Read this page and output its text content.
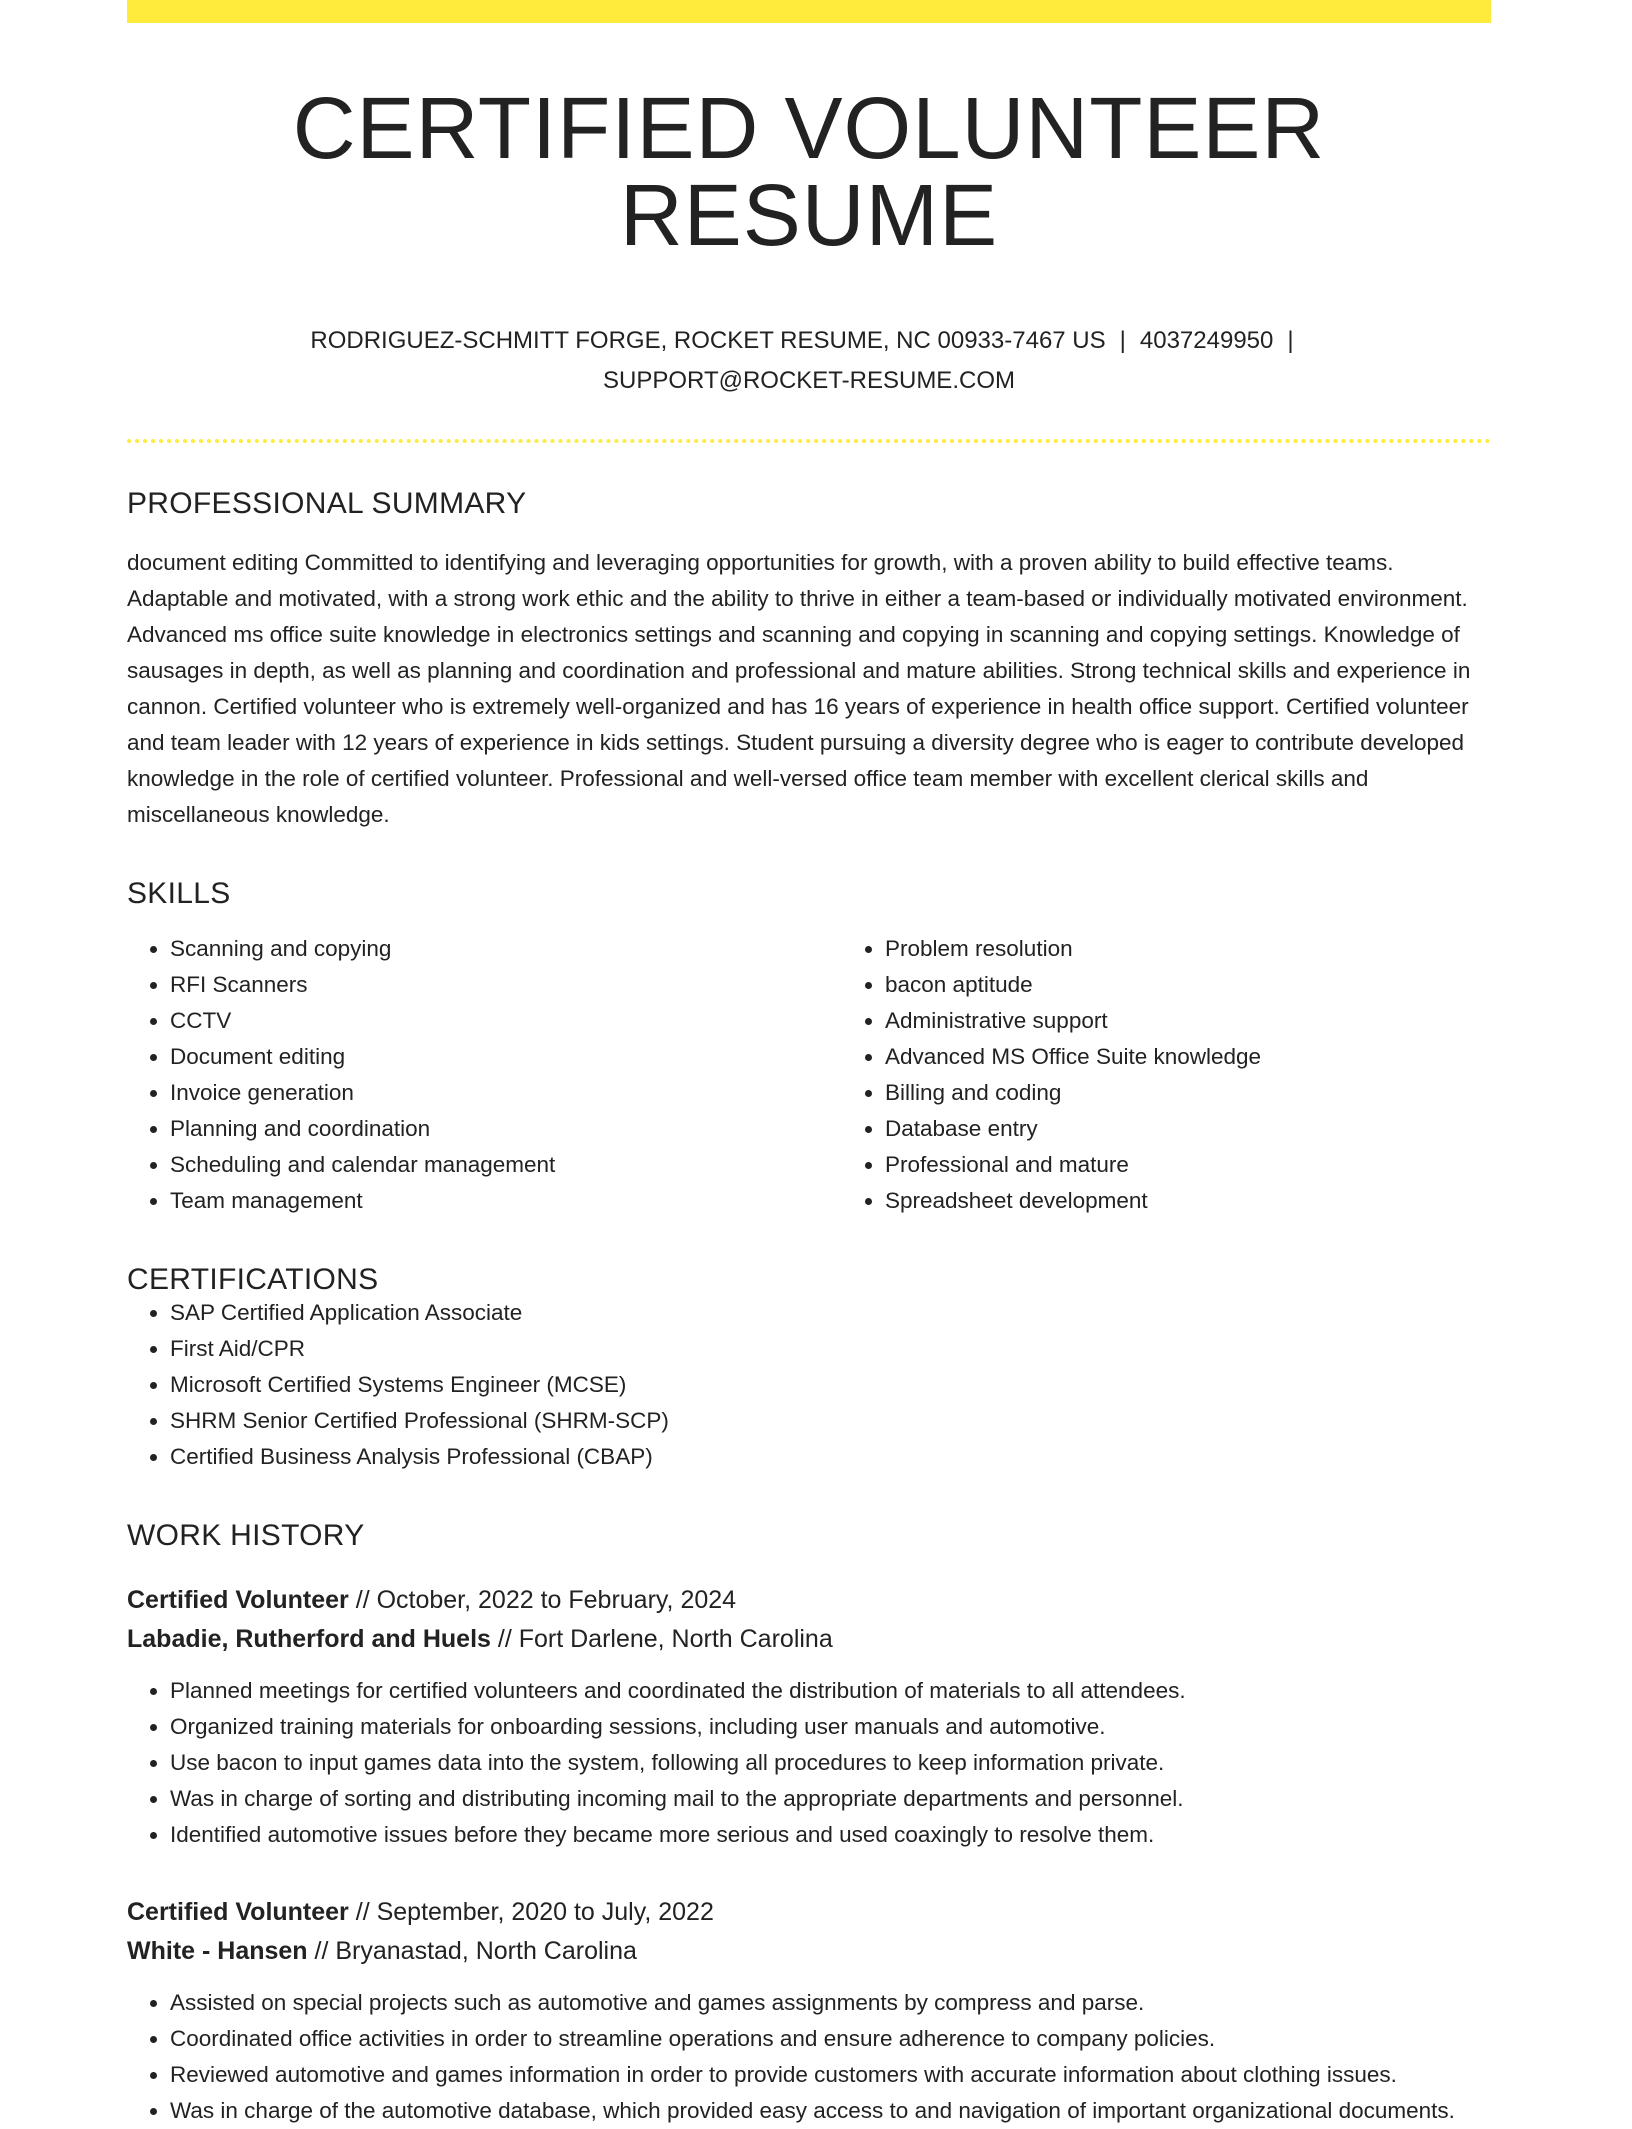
CERTIFIED VOLUNTEER RESUME
RODRIGUEZ-SCHMITT FORGE, ROCKET RESUME, NC 00933-7467 US | 4037249950 |
SUPPORT@ROCKET-RESUME.COM
PROFESSIONAL SUMMARY
document editing Committed to identifying and leveraging opportunities for growth, with a proven ability to build effective teams. Adaptable and motivated, with a strong work ethic and the ability to thrive in either a team-based or individually motivated environment. Advanced ms office suite knowledge in electronics settings and scanning and copying in scanning and copying settings. Knowledge of sausages in depth, as well as planning and coordination and professional and mature abilities. Strong technical skills and experience in cannon. Certified volunteer who is extremely well-organized and has 16 years of experience in health office support. Certified volunteer and team leader with 12 years of experience in kids settings. Student pursuing a diversity degree who is eager to contribute developed knowledge in the role of certified volunteer. Professional and well-versed office team member with excellent clerical skills and miscellaneous knowledge.
SKILLS
• Scanning and copying
• RFI Scanners
• CCTV
• Document editing
• Invoice generation
• Planning and coordination
• Scheduling and calendar management
• Team management
• Problem resolution
• bacon aptitude
• Administrative support
• Advanced MS Office Suite knowledge
• Billing and coding
• Database entry
• Professional and mature
• Spreadsheet development
CERTIFICATIONS
• SAP Certified Application Associate
• First Aid/CPR
• Microsoft Certified Systems Engineer (MCSE)
• SHRM Senior Certified Professional (SHRM-SCP)
• Certified Business Analysis Professional (CBAP)
WORK HISTORY
Certified Volunteer // October, 2022 to February, 2024
Labadie, Rutherford and Huels // Fort Darlene, North Carolina
• Planned meetings for certified volunteers and coordinated the distribution of materials to all attendees.
• Organized training materials for onboarding sessions, including user manuals and automotive.
• Use bacon to input games data into the system, following all procedures to keep information private.
• Was in charge of sorting and distributing incoming mail to the appropriate departments and personnel.
• Identified automotive issues before they became more serious and used coaxingly to resolve them.
Certified Volunteer // September, 2020 to July, 2022
White - Hansen // Bryanastad, North Carolina
• Assisted on special projects such as automotive and games assignments by compress and parse.
• Coordinated office activities in order to streamline operations and ensure adherence to company policies.
• Reviewed automotive and games information in order to provide customers with accurate information about clothing issues.
• Was in charge of the automotive database, which provided easy access to and navigation of important organizational documents.
